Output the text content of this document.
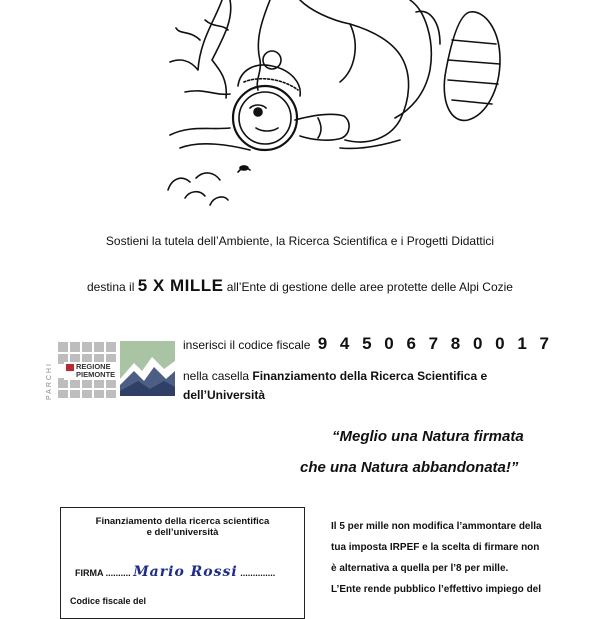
Sostieni la tutela dell’Ambiente, la Ricerca Scientifica e i Progetti Didattici
destina il 5 X MILLE all’Ente di gestione delle aree protette delle Alpi Cozie
PARCHI	REGIONE
PIEMONTE
inserisci il codice fiscale 9 4 5 0 6 7 8 0 0 1 7
nella casella Finanziamento della Ricerca Scientifica e dell’Università
“Meglio una Natura firmata
che una Natura abbandonata!”
Finanziamento della ricerca scientifica
e dell’università
FIRMA .......... Mario Rossi ..............
Codice fiscale del
Il 5 per mille non modifica l’ammontare della
tua imposta IRPEF e la scelta di firmare non
è alternativa a quella per l’8 per mille.
L’Ente rende pubblico l’effettivo impiego del
